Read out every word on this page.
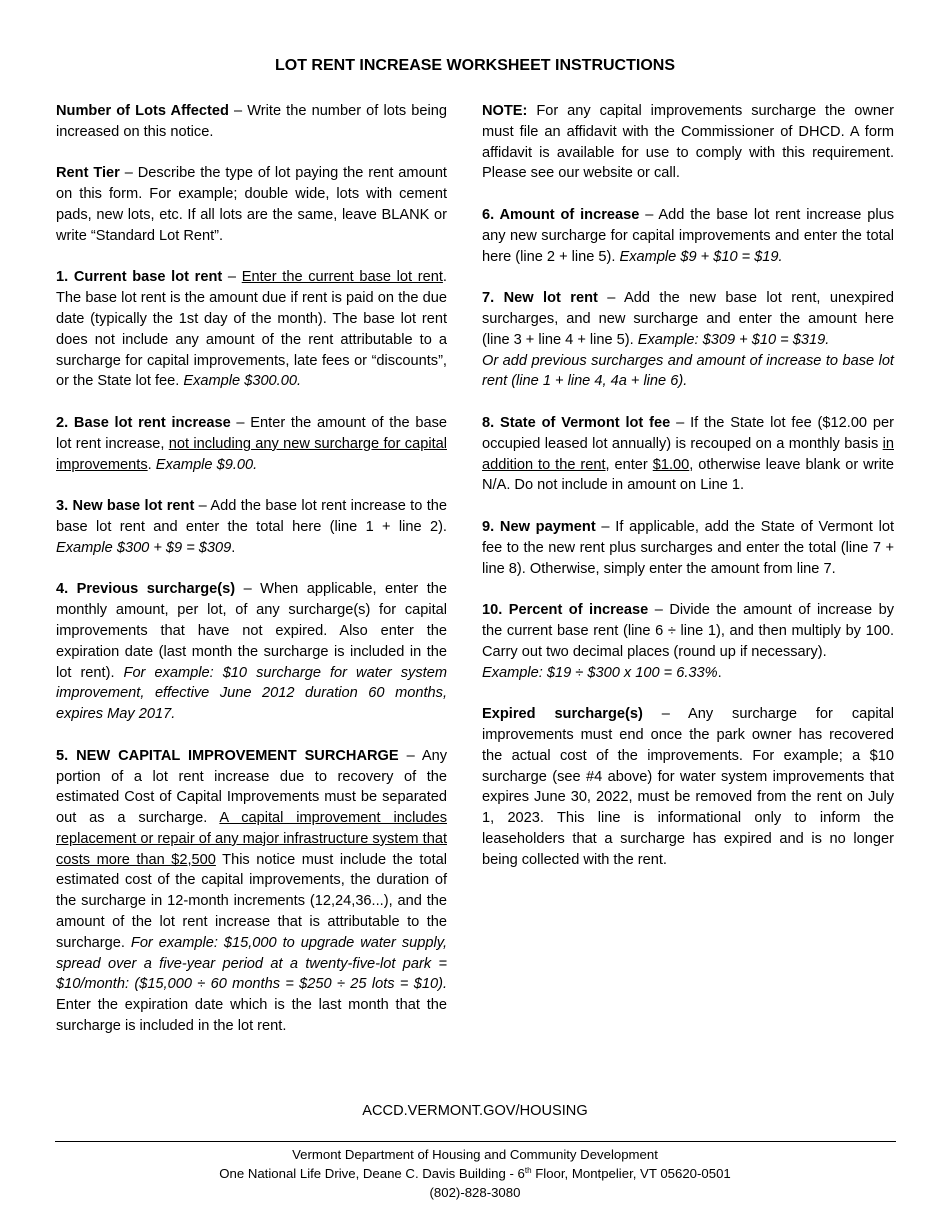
LOT RENT INCREASE WORKSHEET INSTRUCTIONS

Number of Lots Affected – Write the number of lots being increased on this notice.

Rent Tier – Describe the type of lot paying the rent amount on this form. For example; double wide, lots with cement pads, new lots, etc. If all lots are the same, leave BLANK or write “Standard Lot Rent”.

1. Current base lot rent – Enter the current base lot rent. The base lot rent is the amount due if rent is paid on the due date (typically the 1st day of the month). The base lot rent does not include any amount of the rent attributable to a surcharge for capital improvements, late fees or “discounts”, or the State lot fee. Example $300.00.

2. Base lot rent increase – Enter the amount of the base lot rent increase, not including any new surcharge for capital improvements. Example $9.00.

3. New base lot rent – Add the base lot rent increase to the base lot rent and enter the total here (line 1 + line 2). Example $300 + $9 = $309.

4. Previous surcharge(s) – When applicable, enter the monthly amount, per lot, of any surcharge(s) for capital improvements that have not expired. Also enter the expiration date (last month the surcharge is included in the lot rent). For example: $10 surcharge for water system improvement, effective June 2012 duration 60 months, expires May 2017.

5. NEW CAPITAL IMPROVEMENT SURCHARGE – Any portion of a lot rent increase due to recovery of the estimated Cost of Capital Improvements must be separated out as a surcharge. A capital improvement includes replacement or repair of any major infrastructure system that costs more than $2,500 This notice must include the total estimated cost of the capital improvements, the duration of the surcharge in 12-month increments (12,24,36...), and the amount of the lot rent increase that is attributable to the surcharge. For example: $15,000 to upgrade water supply, spread over a five-year period at a twenty-five-lot park = $10/month: ($15,000 ÷ 60 months = $250 ÷ 25 lots = $10). Enter the expiration date which is the last month that the surcharge is included in the lot rent.

NOTE: For any capital improvements surcharge the owner must file an affidavit with the Commissioner of DHCD. A form affidavit is available for use to comply with this requirement. Please see our website or call.

6. Amount of increase – Add the base lot rent increase plus any new surcharge for capital improvements and enter the total here (line 2 + line 5). Example $9 + $10 = $19.

7. New lot rent – Add the new base lot rent, unexpired surcharges, and new surcharge and enter the amount here (line 3 + line 4 + line 5). Example: $309 + $10 = $319.
Or add previous surcharges and amount of increase to base lot rent (line 1 + line 4, 4a + line 6).

8. State of Vermont lot fee – If the State lot fee ($12.00 per occupied leased lot annually) is recouped on a monthly basis in addition to the rent, enter $1.00, otherwise leave blank or write N/A. Do not include in amount on Line 1.

9. New payment – If applicable, add the State of Vermont lot fee to the new rent plus surcharges and enter the total (line 7 + line 8). Otherwise, simply enter the amount from line 7.

10. Percent of increase – Divide the amount of increase by the current base rent (line 6 ÷ line 1), and then multiply by 100. Carry out two decimal places (round up if necessary).
Example: $19 ÷ $300 x 100 = 6.33%.

Expired surcharge(s) – Any surcharge for capital improvements must end once the park owner has recovered the actual cost of the improvements. For example; a $10 surcharge (see #4 above) for water system improvements that expires June 30, 2022, must be removed from the rent on July 1, 2023. This line is informational only to inform the leaseholders that a surcharge has expired and is no longer being collected with the rent.

ACCD.VERMONT.GOV/HOUSING
Vermont Department of Housing and Community Development
One National Life Drive, Deane C. Davis Building - 6th Floor, Montpelier, VT 05620-0501
(802)-828-3080
